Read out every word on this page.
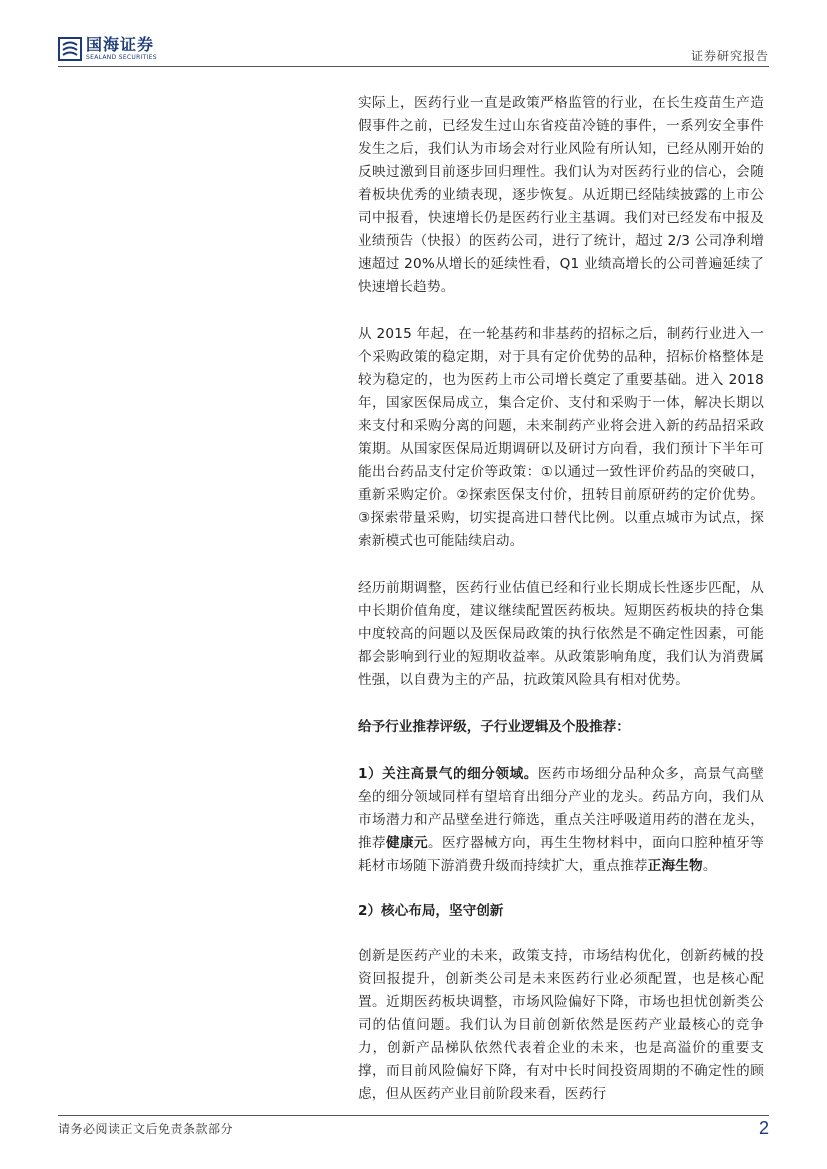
国海证券
SEALAND SECURITIES	证券研究报告

实际上，医药行业一直是政策严格监管的行业，在长生疫苗生产造假事件之前，已经发生过山东省疫苗冷链的事件，一系列安全事件发生之后，我们认为市场会对行业风险有所认知，已经从刚开始的反映过激到目前逐步回归理性。我们认为对医药行业的信心，会随着板块优秀的业绩表现，逐步恢复。从近期已经陆续披露的上市公司中报看，快速增长仍是医药行业主基调。我们对已经发布中报及业绩预告（快报）的医药公司，进行了统计，超过 2/3 公司净利增速超过 20%从增长的延续性看，Q1 业绩高增长的公司普遍延续了快速增长趋势。

从 2015 年起，在一轮基药和非基药的招标之后，制药行业进入一个采购政策的稳定期，对于具有定价优势的品种，招标价格整体是较为稳定的，也为医药上市公司增长奠定了重要基础。进入 2018 年，国家医保局成立，集合定价、支付和采购于一体，解决长期以来支付和采购分离的问题，未来制药产业将会进入新的药品招采政策期。从国家医保局近期调研以及研讨方向看，我们预计下半年可能出台药品支付定价等政策：①以通过一致性评价药品的突破口，重新采购定价。②探索医保支付价，扭转目前原研药的定价优势。③探索带量采购，切实提高进口替代比例。以重点城市为试点，探索新模式也可能陆续启动。

经历前期调整，医药行业估值已经和行业长期成长性逐步匹配，从中长期价值角度，建议继续配置医药板块。短期医药板块的持仓集中度较高的问题以及医保局政策的执行依然是不确定性因素，可能都会影响到行业的短期收益率。从政策影响角度，我们认为消费属性强，以自费为主的产品，抗政策风险具有相对优势。

给予行业推荐评级，子行业逻辑及个股推荐：

1）关注高景气的细分领域。医药市场细分品种众多，高景气高壁垒的细分领域同样有望培育出细分产业的龙头。药品方向，我们从市场潜力和产品壁垒进行筛选，重点关注呼吸道用药的潜在龙头，推荐健康元。医疗器械方向，再生生物材料中，面向口腔种植牙等耗材市场随下游消费升级而持续扩大，重点推荐正海生物。

2）核心布局，坚守创新

创新是医药产业的未来，政策支持，市场结构优化，创新药械的投资回报提升，创新类公司是未来医药行业必须配置，也是核心配置。近期医药板块调整，市场风险偏好下降，市场也担忧创新类公司的估值问题。我们认为目前创新依然是医药产业最核心的竞争力，创新产品梯队依然代表着企业的未来，也是高溢价的重要支撑，而目前风险偏好下降，有对中长时间投资周期的不确定性的顾虑，但从医药产业目前阶段来看，医药行

请务必阅读正文后免责条款部分	2
